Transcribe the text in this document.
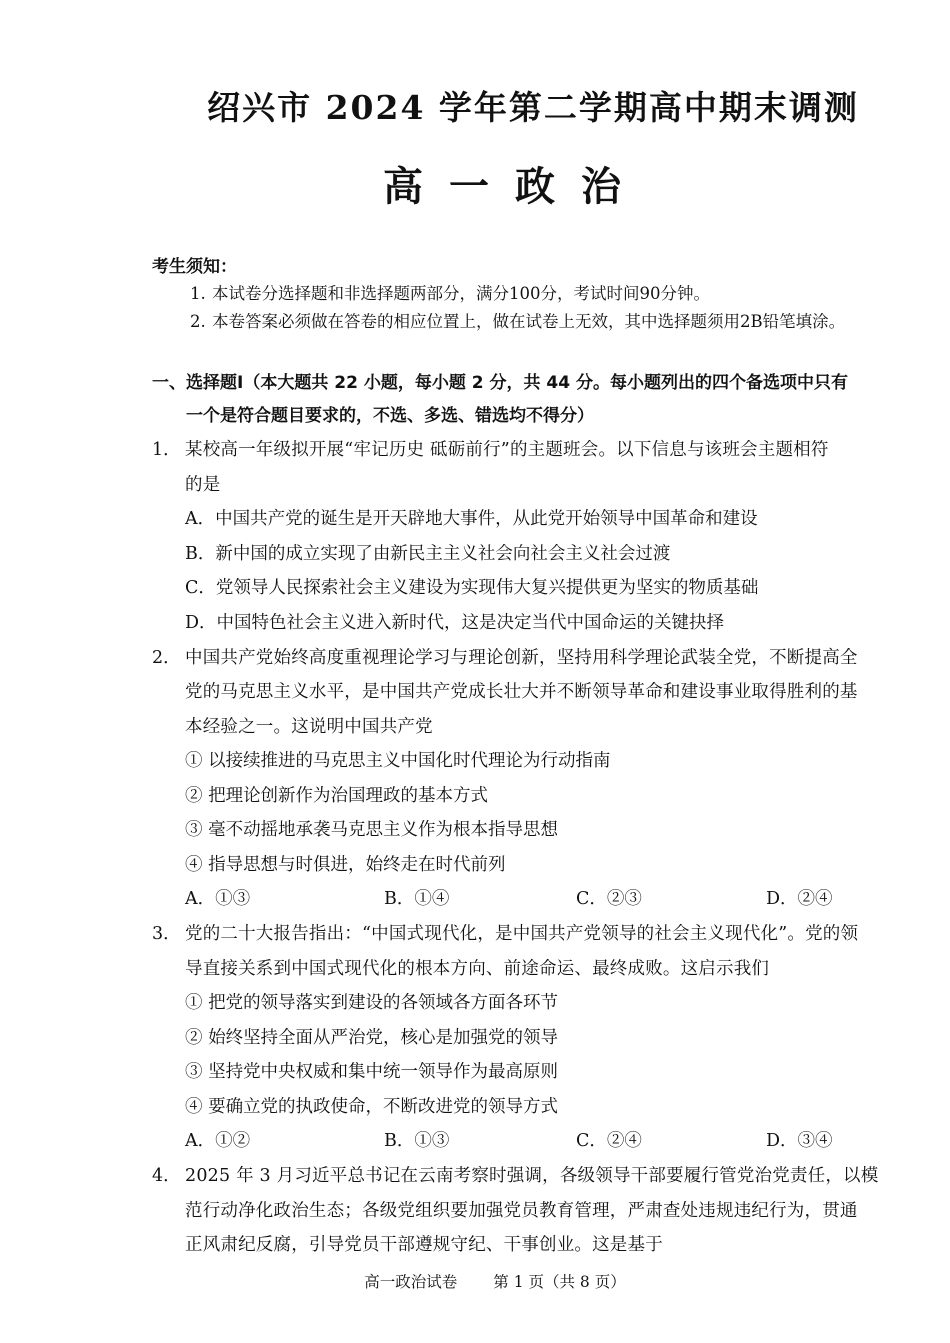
绍兴市 2024 学年第二学期高中期末调测
高一政治
考生须知：
1. 本试卷分选择题和非选择题两部分，满分100分，考试时间90分钟。
2. 本卷答案必须做在答卷的相应位置上，做在试卷上无效，其中选择题须用2B铅笔填涂。
一、选择题Ⅰ（本大题共 22 小题，每小题 2 分，共 44 分。每小题列出的四个备选项中只有
一个是符合题目要求的，不选、多选、错选均不得分）
1． 某校高一年级拟开展“牢记历史 砥砺前行”的主题班会。以下信息与该班会主题相符
的是
A．中国共产党的诞生是开天辟地大事件，从此党开始领导中国革命和建设
B．新中国的成立实现了由新民主主义社会向社会主义社会过渡
C．党领导人民探索社会主义建设为实现伟大复兴提供更为坚实的物质基础
D．中国特色社会主义进入新时代，这是决定当代中国命运的关键抉择
2． 中国共产党始终高度重视理论学习与理论创新，坚持用科学理论武装全党，不断提高全
党的马克思主义水平，是中国共产党成长壮大并不断领导革命和建设事业取得胜利的基
本经验之一。这说明中国共产党
① 以接续推进的马克思主义中国化时代理论为行动指南
② 把理论创新作为治国理政的基本方式
③ 毫不动摇地承袭马克思主义作为根本指导思想
④ 指导思想与时俱进，始终走在时代前列
A．①③	B．①④	C．②③	D．②④
3． 党的二十大报告指出：“中国式现代化，是中国共产党领导的社会主义现代化”。党的领
导直接关系到中国式现代化的根本方向、前途命运、最终成败。这启示我们
① 把党的领导落实到建设的各领域各方面各环节
② 始终坚持全面从严治党，核心是加强党的领导
③ 坚持党中央权威和集中统一领导作为最高原则
④ 要确立党的执政使命，不断改进党的领导方式
A．①②	B．①③	C．②④	D．③④
4． 2025 年 3 月习近平总书记在云南考察时强调，各级领导干部要履行管党治党责任，以模
范行动净化政治生态；各级党组织要加强党员教育管理，严肃查处违规违纪行为，贯通
正风肃纪反腐，引导党员干部遵规守纪、干事创业。这是基于
高一政治试卷 第 1 页（共 8 页）
